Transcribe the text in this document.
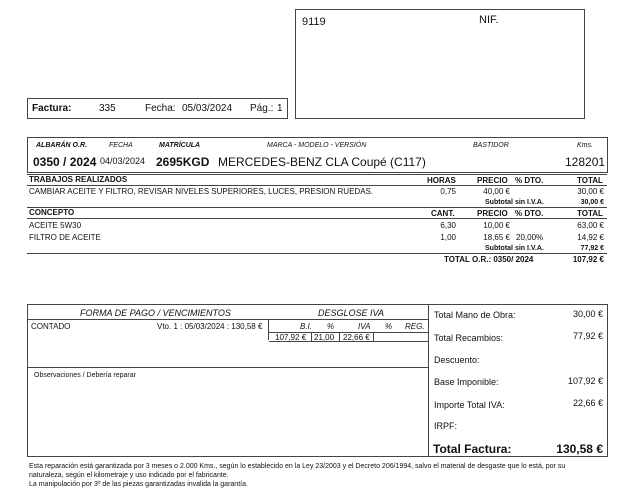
9119	NIF.
Factura:	335	Fecha: 05/03/2024 Pág.: 1
ALBARÁN O.R.	FECHA	MATRÍCULA	MARCA - MODELO - VERSIÓN	BASTIDOR	Kms.
0350 / 2024 04/03/2024 2695KGD MERCEDES-BENZ CLA Coupé (C117)	128201
TRABAJOS REALIZADOS	HORAS	PRECIO % DTO.	TOTAL
CAMBIAR ACEITE Y FILTRO, REVISAR NIVELES SUPERIORES, LUCES, PRESION RUEDAS.	0,75	40,00 €	30,00 €
Subtotal sin I.V.A.	30,00 €
CONCEPTO	CANT.	PRECIO % DTO.	TOTAL
ACEITE 5W30	6,30	10,00 €	63,00 €
FILTRO DE ACEITE	1,00	18,65 € 20,00%	14,92 €
Subtotal sin I.V.A.	77,92 €
TOTAL O.R.: 0350/ 2024	107,92 €
FORMA DE PAGO / VENCIMIENTOS	DESGLOSE IVA
CONTADO	Vto. 1 : 05/03/2024 : 130,58 €	B.I. %	IVA % REG.
107,92 € 21,00 22,66 €
Observaciones / Debería reparar
Total Mano de Obra:	30,00 €
Total Recambios:	77,92 €
Descuento:
Base Imponible:	107,92 €
Importe Total IVA:	22,66 €
IRPF:
Total Factura:	130,58 €
Esta reparación está garantizada por 3 meses o 2.000 Kms., según lo establecido en la Ley 23/2003 y el Decreto 206/1994, salvo el material de desgaste que lo está, por su
naturaleza, según el kilometraje y uso indicado por el fabricante.
La manipulación por 3º de las piezas garantizadas invalida la garantía.
